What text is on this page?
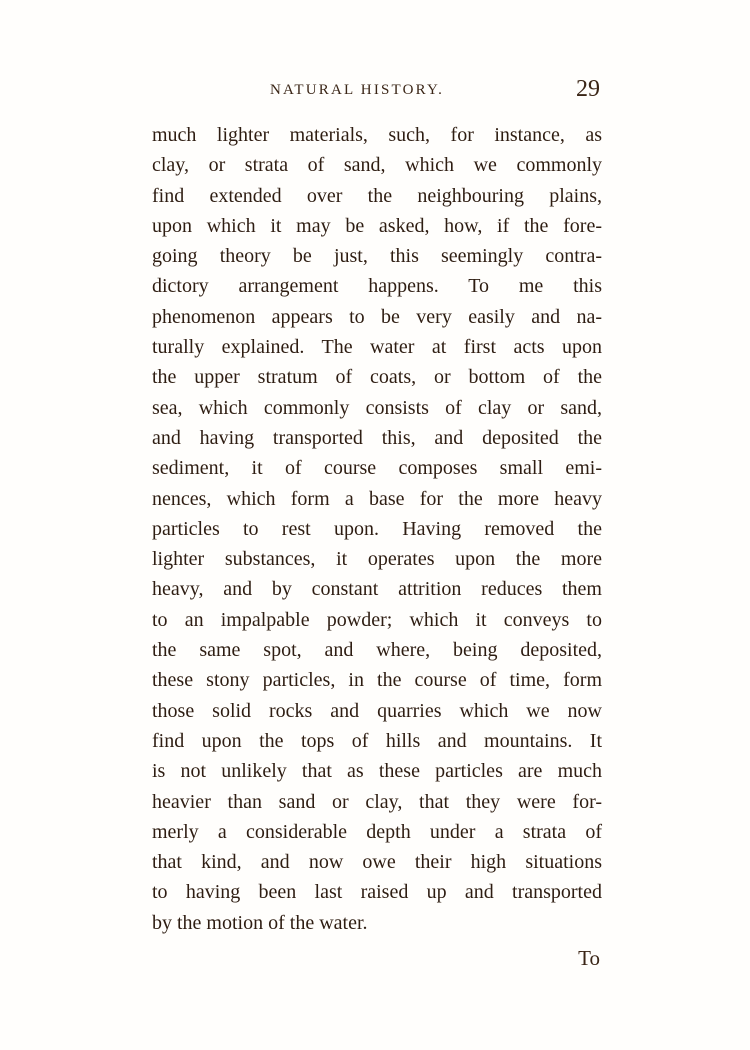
NATURAL HISTORY.	29
much lighter materials, such, for instance, as
clay, or strata of sand, which we commonly
find extended over the neighbouring plains,
upon which it may be asked, how, if the fore-
going theory be just, this seemingly contra-
dictory arrangement happens. To me this
phenomenon appears to be very easily and na-
turally explained. The water at first acts upon
the upper stratum of coats, or bottom of the
sea, which commonly consists of clay or sand,
and having transported this, and deposited the
sediment, it of course composes small emi-
nences, which form a base for the more heavy
particles to rest upon. Having removed the
lighter substances, it operates upon the more
heavy, and by constant attrition reduces them
to an impalpable powder; which it conveys to
the same spot, and where, being deposited,
these stony particles, in the course of time, form
those solid rocks and quarries which we now
find upon the tops of hills and mountains. It
is not unlikely that as these particles are much
heavier than sand or clay, that they were for-
merly a considerable depth under a strata of
that kind, and now owe their high situations
to having been last raised up and transported
by the motion of the water.
To
